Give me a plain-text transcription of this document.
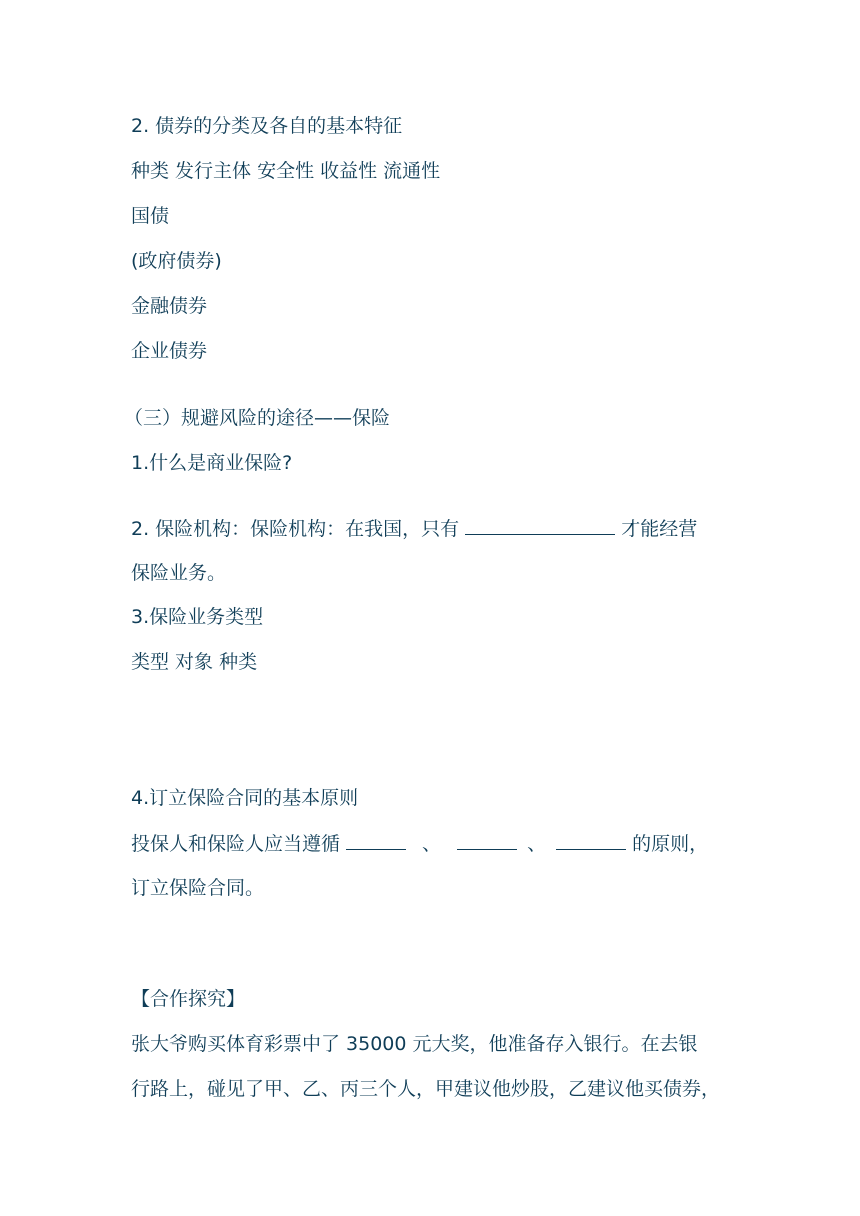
2. 债券的分类及各自的基本特征
种类 发行主体 安全性 收益性 流通性
国债
(政府债券)
金融债券
企业债券
（三）规避风险的途径——保险
1.什么是商业保险?
2. 保险机构：保险机构：在我国，只有	才能经营
保险业务。
3.保险业务类型
类型 对象 种类
4.订立保险合同的基本原则
投保人和保险人应当遵循	、	、	的原则，
订立保险合同。
【合作探究】
张大爷购买体育彩票中了 35000 元大奖，他准备存入银行。在去银
行路上，碰见了甲、乙、丙三个人，甲建议他炒股，乙建议他买债券，
